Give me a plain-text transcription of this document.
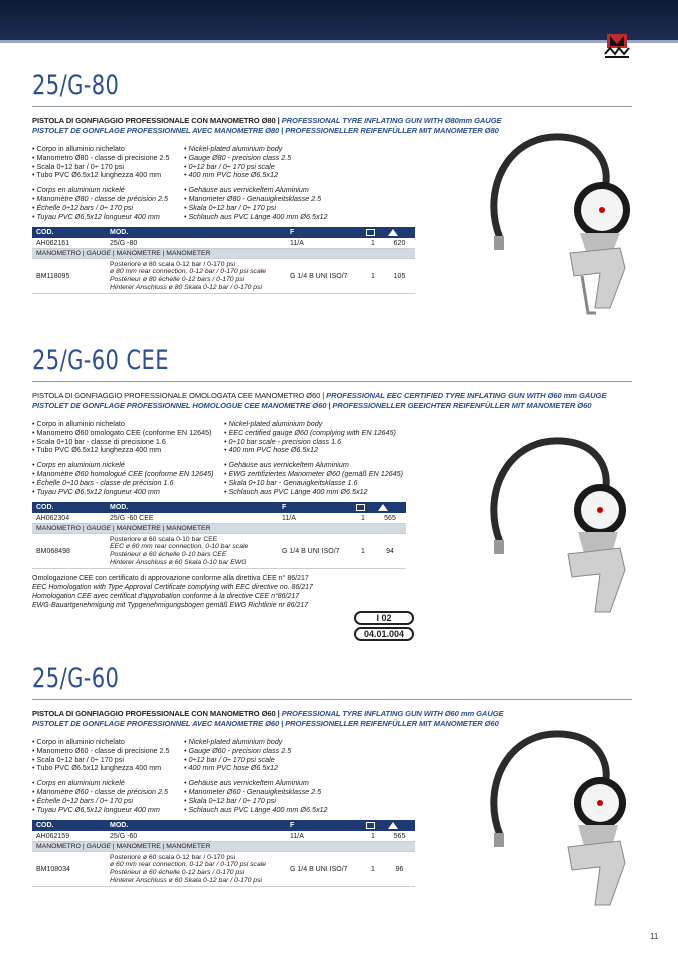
25/G-80
PISTOLA DI GONFIAGGIO PROFESSIONALE CON MANOMETRO Ø80 | PROFESSIONAL TYRE INFLATING GUN WITH Ø80mm GAUGE
PISTOLET DE GONFLAGE PROFESSIONNEL AVEC MANOMETRE Ø80 | PROFESSIONELLER REIFENFÜLLER MIT MANOMETER Ø80
• Corpo in alluminio nichelato
• Manometro Ø80 - classe di precisione 2.5
• Scala 0÷12 bar / 0÷ 170 psi
• Tubo PVC Ø6.5x12 lunghezza 400 mm

• Corps en aluminium nickelé
• Manomètre Ø80 - classe de précision 2.5
• Échelle 0÷12 bars / 0÷ 170 psi
• Tuyau PVC Ø6,5x12 longueur 400 mm
• Nickel-plated aluminium body
• Gauge Ø80 - precision class 2.5
• 0÷12 bar / 0÷ 170 psi scale
• 400 mm PVC hose Ø6.5x12

• Gehäuse aus vernickeltem Aluminium
• Manometer Ø80 - Genauigkeitsklasse 2.5
• Skala 0÷12 bar / 0÷ 170 psi
• Schlauch aus PVC Länge 400 mm Ø6.5x12
COD.	MOD.	F		
AH062161	25/G -80	11/A	1	620
MANOMETRO | GAUGE | MANOMETRE | MANOMETER				
BM118095	Posteriore ø 80 scala 0-12 bar / 0-170 psi
ø 80 mm rear connection, 0-12 bar / 0-170 psi scale
Postérieur ø 80 échelle 0-12 bars / 0-170 psi
Hinterer Anschluss ø 80 Skala 0-12 bar / 0-170 psi	G 1/4 B UNI ISO/7	1	105
25/G-60 CEE
PISTOLA DI GONFIAGGIO PROFESSIONALE OMOLOGATA CEE MANOMETRO Ø60 | PROFESSIONAL EEC CERTIFIED TYRE INFLATING GUN WITH Ø60 mm GAUGE
PISTOLET DE GONFLAGE PROFESSIONNEL HOMOLOGUE CEE MANOMETRE Ø60 | PROFESSIONELLER GEEICHTER REIFENFÜLLER MIT MANOMETER Ø60
• Corpo in alluminio nichelato
• Manometro Ø60 omologato CEE (conforme EN 12645)
• Scala 0÷10 bar - classe di precisione 1.6
• Tubo PVC Ø6.5x12 lunghezza 400 mm

• Corps en aluminium nickelé
• Manomètre Ø60 homologué CEE (conforme EN 12645)
• Échelle 0÷10 bars - classe de précision 1.6
• Tuyau PVC Ø6,5x12 longueur 400 mm
• Nickel-plated aluminium body
• EEC certified gauge Ø60 (complying with EN 12645)
• 0÷10 bar scale - precision class 1.6
• 400 mm PVC hose Ø6.5x12

• Gehäuse aus vernickeltem Aluminium
• EWG zertifiziertes Manometer Ø60 (gemäß EN 12645)
• Skala 0÷10 bar - Genauigkeitsklasse 1.6
• Schlauch aus PVC Länge 400 mm Ø6.5x12
COD.	MOD.	F		
AH062304	25/G -60 CEE	11/A	1	565
MANOMETRO | GAUGE | MANOMETRE | MANOMETER				
BM068498	Posteriore ø 60 scala 0-10 bar CEE
EEC ø 60 mm rear connection, 0-10 bar scale
Postérieur ø 60 échelle 0-10 bars CEE
Hinterer Anschluss ø 60 Skala 0-10 bar EWG	G 1/4 B UNI ISO/7	1	94
Omologazione CEE con certificato di approvazione conforme alla direttiva CEE n° 86/217
EEC Homologation with Type Approval Certificate complying with EEC directive no. 86/217
Homologation CEE avec certificat d'approbation conforme à la directive CEE n°86/217
EWG-Bauartgenehmigung mit Typgenehmigungsbogen gemäß EWG Richtlinie nr 86/217
I 02
04.01.004
25/G-60
PISTOLA DI GONFIAGGIO PROFESSIONALE CON MANOMETRO Ø60 | PROFESSIONAL TYRE INFLATING GUN WITH Ø60 mm GAUGE
PISTOLET DE GONFLAGE PROFESSIONNEL AVEC MANOMETRE Ø60 | PROFESSIONELLER REIFENFÜLLER MIT MANOMETER Ø60
• Corpo in alluminio nichelato
• Manometro Ø60 - classe di precisione 2.5
• Scala 0÷12 bar / 0÷ 170 psi
• Tubo PVC Ø6.5x12 lunghezza 400 mm

• Corps en aluminium nickelé
• Manomètre Ø60 - classe de précision 2.5
• Échelle 0÷12 bars / 0÷ 170 psi
• Tuyau PVC Ø6,5x12 longueur 400 mm
• Nickel-plated aluminium body
• Gauge Ø60 - precision class 2.5
• 0÷12 bar / 0÷ 170 psi scale
• 400 mm PVC hose Ø6.5x12

• Gehäuse aus vernickeltem Aluminium
• Manometer Ø60 - Genauigkeitsklasse 2.5
• Skala 0÷12 bar / 0÷ 170 psi
• Schlauch aus PVC Länge 400 mm Ø6.5x12
COD.	MOD.	F		
AH062159	25/G -60	11/A	1	565
MANOMETRO | GAUGE | MANOMETRE | MANOMETER				
BM108034	Posteriore ø 60 scala 0-12 bar / 0-170 psi
ø 60 mm rear connection, 0-12 bar / 0-170 psi scale
Postérieur ø 60 échelle 0-12 bars / 0-170 psi
Hinterer Anschluss ø 60 Skala 0-12 bar / 0-170 psi	G 1/4 B UNI ISO/7	1	96
11
